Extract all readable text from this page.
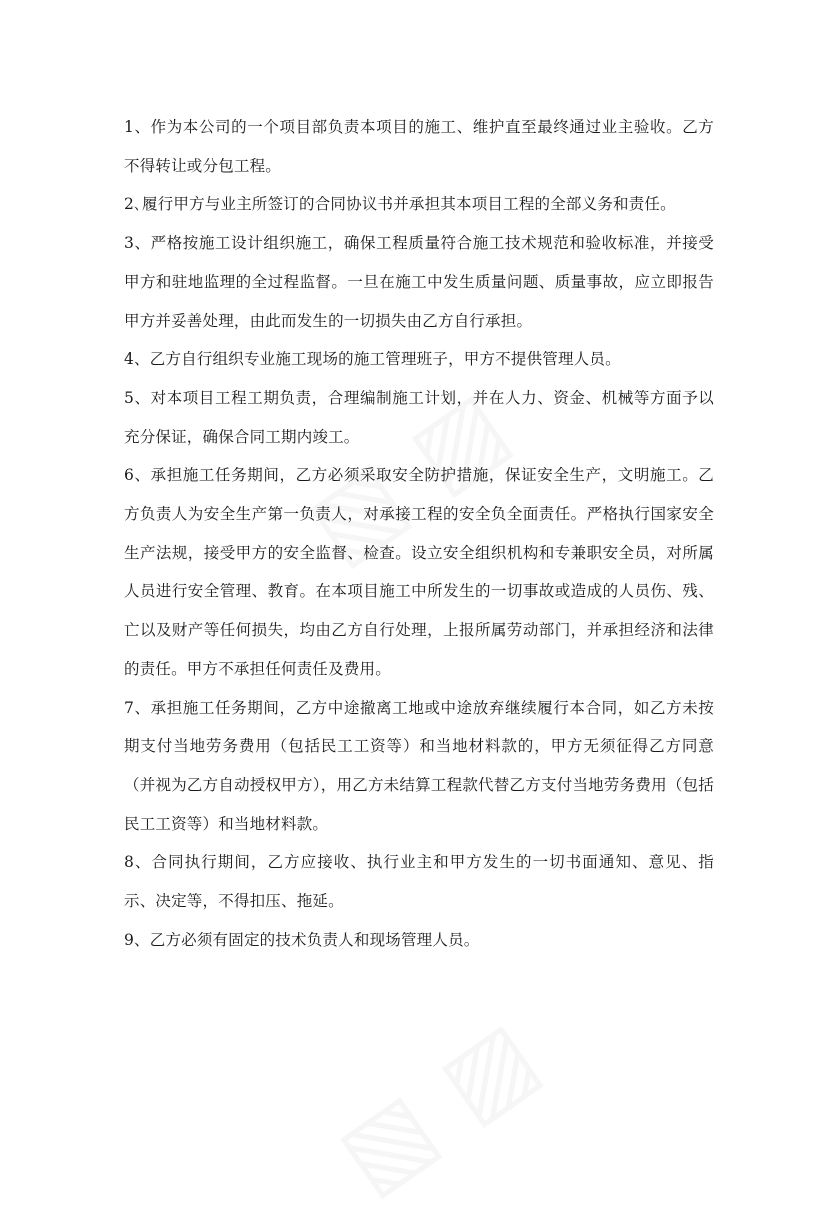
1、作为本公司的一个项目部负责本项目的施工、维护直至最终通过业主验收。乙方不得转让或分包工程。

2､履行甲方与业主所签订的合同协议书并承担其本项目工程的全部义务和责任。

3、严格按施工设计组织施工，确保工程质量符合施工技术规范和验收标准，并接受甲方和驻地监理的全过程监督。一旦在施工中发生质量问题、质量事故，应立即报告甲方并妥善处理，由此而发生的一切损失由乙方自行承担。

4、乙方自行组织专业施工现场的施工管理班子，甲方不提供管理人员。

5、对本项目工程工期负责，合理编制施工计划，并在人力、资金、机械等方面予以充分保证，确保合同工期内竣工。

6、承担施工任务期间，乙方必须采取安全防护措施，保证安全生产，文明施工。乙方负责人为安全生产第一负责人，对承接工程的安全负全面责任。严格执行国家安全生产法规，接受甲方的安全监督、检查。设立安全组织机构和专兼职安全员，对所属人员进行安全管理、教育。在本项目施工中所发生的一切事故或造成的人员伤、残、亡以及财产等任何损失，均由乙方自行处理，上报所属劳动部门，并承担经济和法律的责任。甲方不承担任何责任及费用。

7、承担施工任务期间，乙方中途撤离工地或中途放弃继续履行本合同，如乙方未按期支付当地劳务费用（包括民工工资等）和当地材料款的，甲方无须征得乙方同意（并视为乙方自动授权甲方），用乙方未结算工程款代替乙方支付当地劳务费用（包括民工工资等）和当地材料款。

8、合同执行期间，乙方应接收、执行业主和甲方发生的一切书面通知、意见、指示、决定等，不得扣压、拖延。

9、乙方必须有固定的技术负责人和现场管理人员。
